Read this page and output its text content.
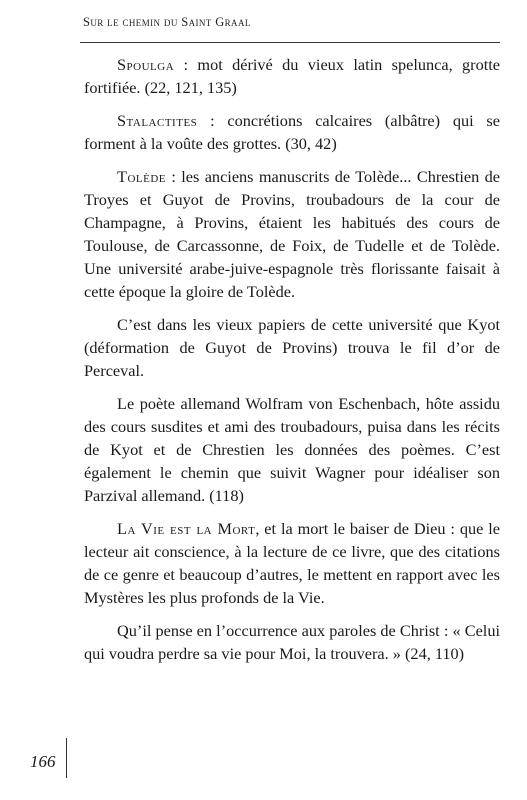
Sur le chemin du Saint Graal

Spoulga : mot dérivé du vieux latin spelunca, grotte fortifiée. (22, 121, 135)

Stalactites : concrétions calcaires (albâtre) qui se forment à la voûte des grottes. (30, 42)

Tolède : les anciens manuscrits de Tolède... Chrestien de Troyes et Guyot de Provins, troubadours de la cour de Champagne, à Provins, étaient les habitués des cours de Toulouse, de Carcassonne, de Foix, de Tudelle et de Tolède. Une université arabe-juive-espagnole très florissante faisait à cette époque la gloire de Tolède.

C’est dans les vieux papiers de cette université que Kyot (déformation de Guyot de Provins) trouva le fil d’or de Perceval.

Le poète allemand Wolfram von Eschenbach, hôte assidu des cours susdites et ami des troubadours, puisa dans les récits de Kyot et de Chrestien les données des poèmes. C’est également le chemin que suivit Wagner pour idéaliser son Parzival allemand. (118)

La Vie est la Mort, et la mort le baiser de Dieu : que le lecteur ait conscience, à la lecture de ce livre, que des citations de ce genre et beaucoup d’autres, le mettent en rapport avec les Mystères les plus profonds de la Vie.

Qu’il pense en l’occurrence aux paroles de Christ : « Celui qui voudra perdre sa vie pour Moi, la trouvera. » (24, 110)

166
